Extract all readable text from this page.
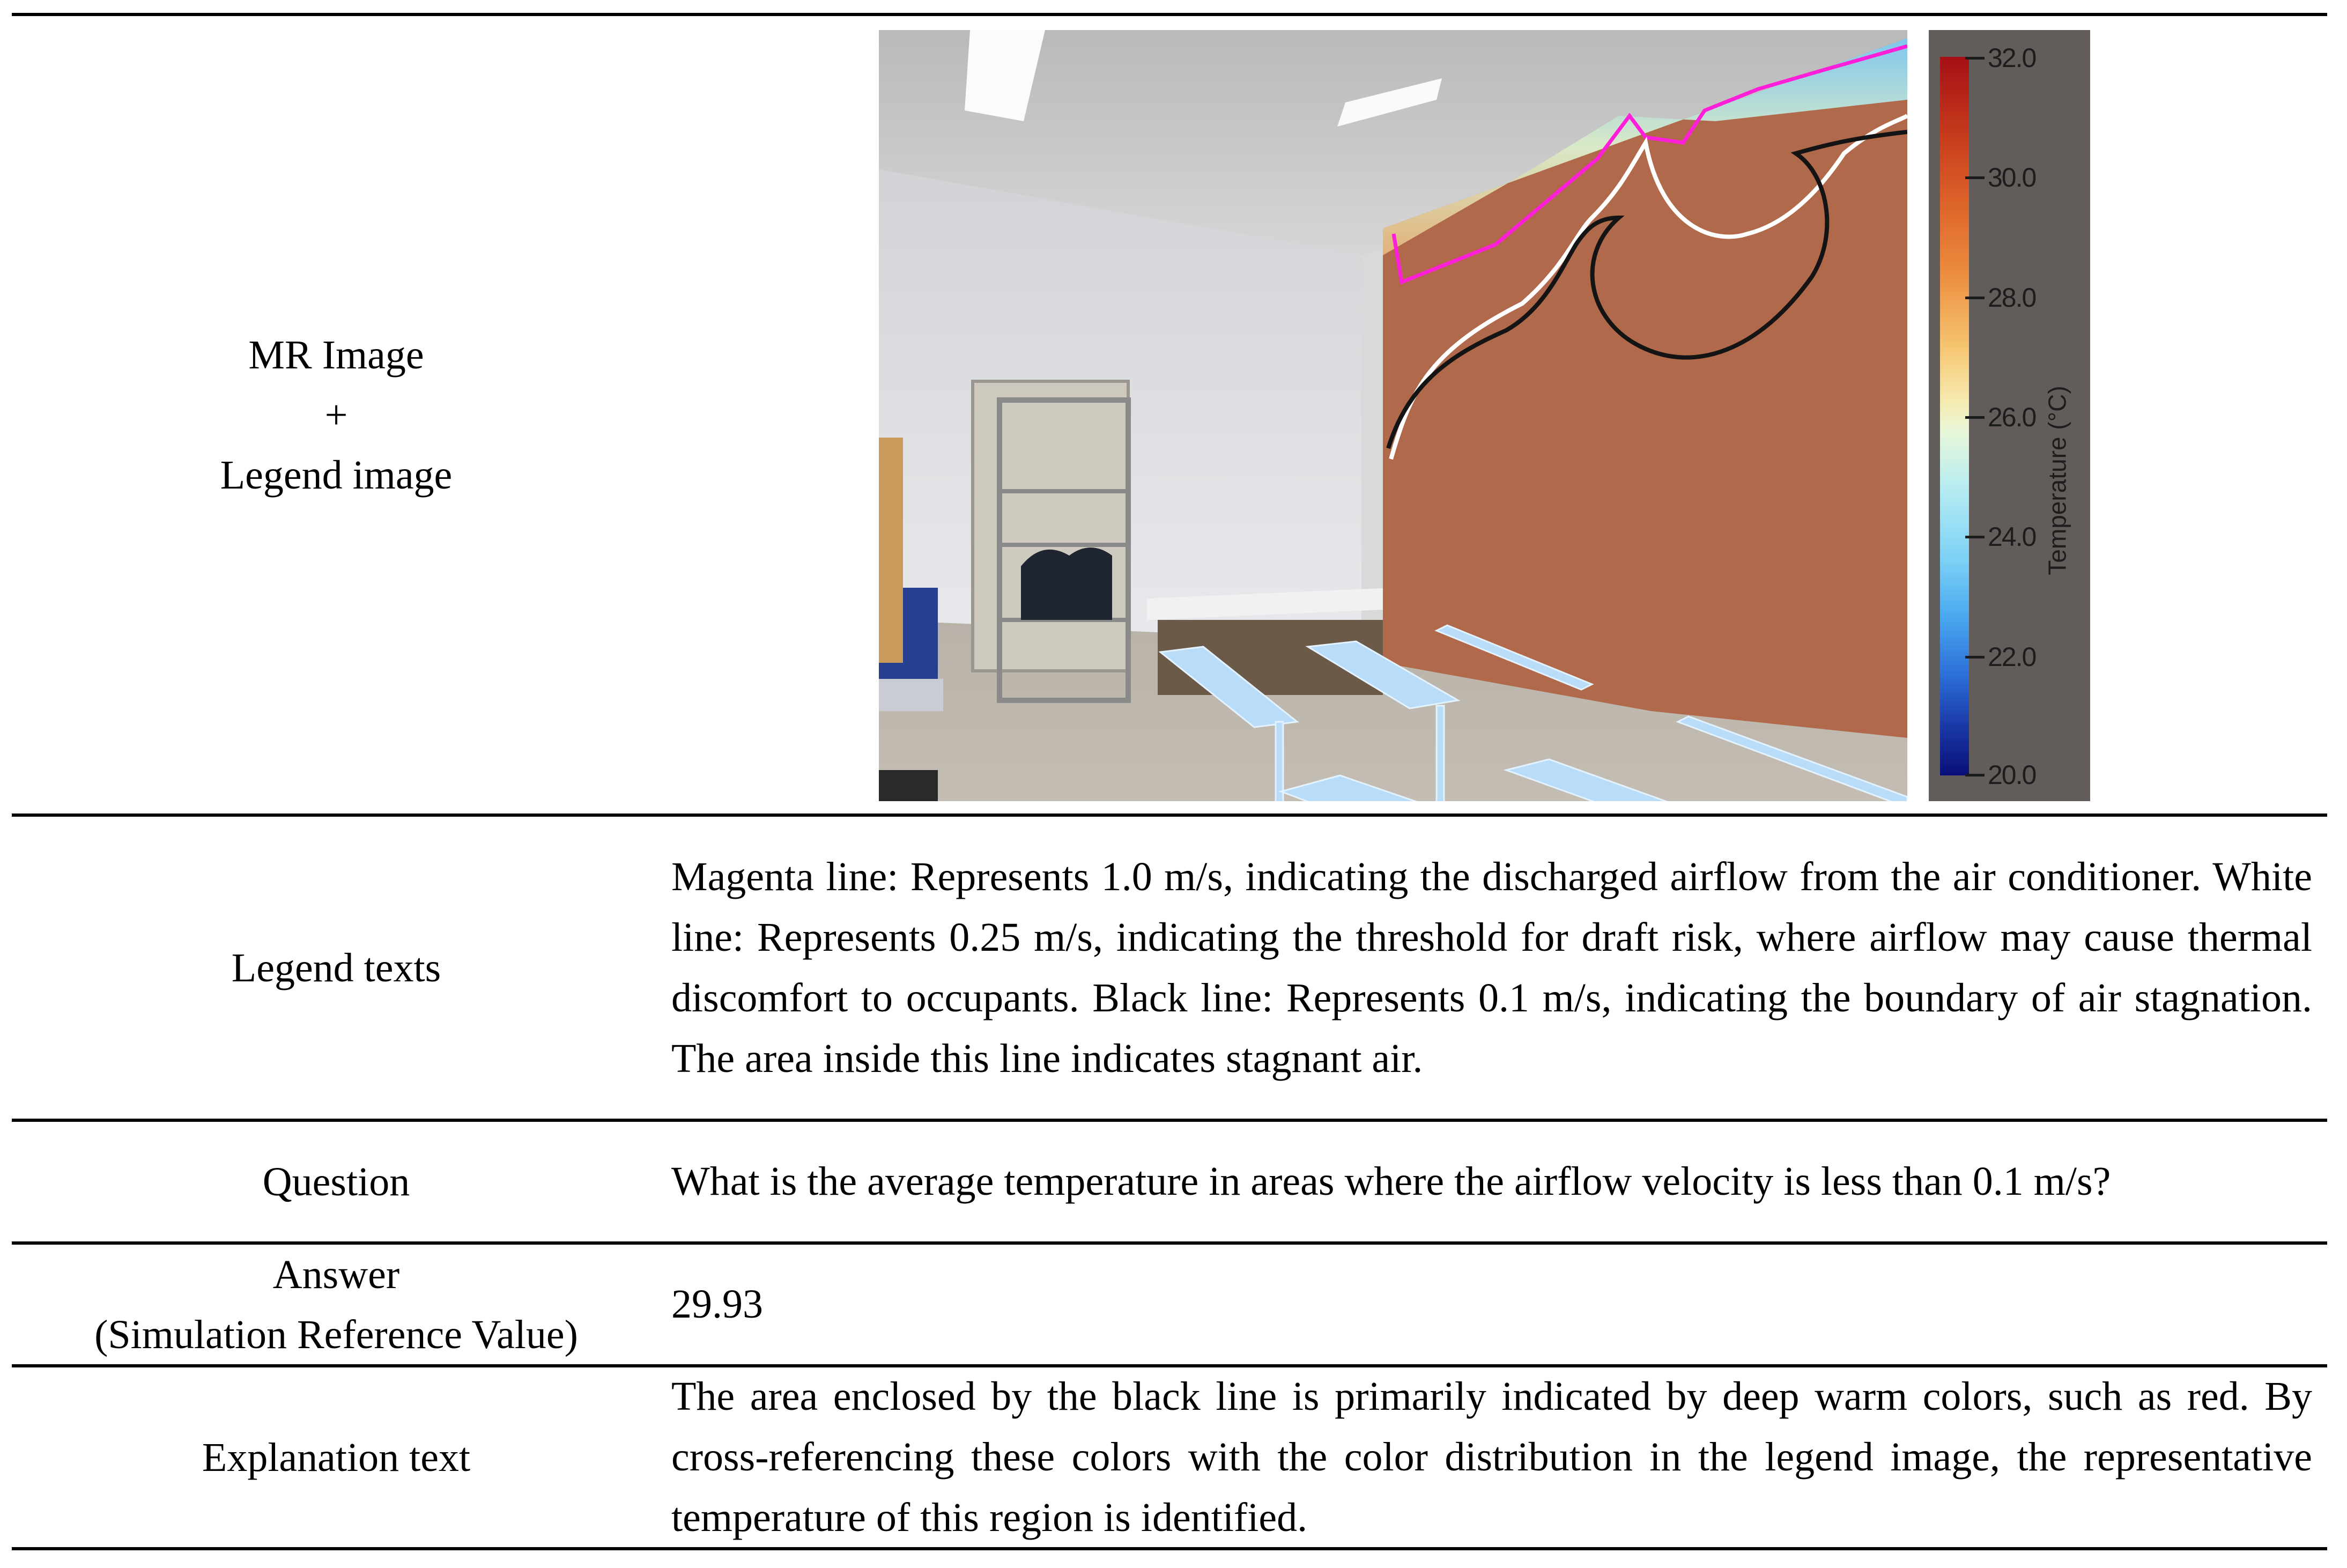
MR Image
+
Legend image
32.0
30.0
28.0
26.0
24.0
22.0
20.0
Temperature (°C)
Legend texts

Magenta line: Represents 1.0 m/s, indicating the discharged airflow from the air conditioner. White line: Represents 0.25 m/s, indicating the threshold for draft risk, where airflow may cause thermal discomfort to occupants. Black line: Represents 0.1 m/s, indicating the boundary of air stagnation. The area inside this line indicates stagnant air.

Question	What is the average temperature in areas where the airflow velocity is less than 0.1 m/s?

Answer
(Simulation Reference Value)

29.93

Explanation text

The area enclosed by the black line is primarily indicated by deep warm colors, such as red. By cross-referencing these colors with the color distribution in the legend image, the representative temperature of this region is identified.
